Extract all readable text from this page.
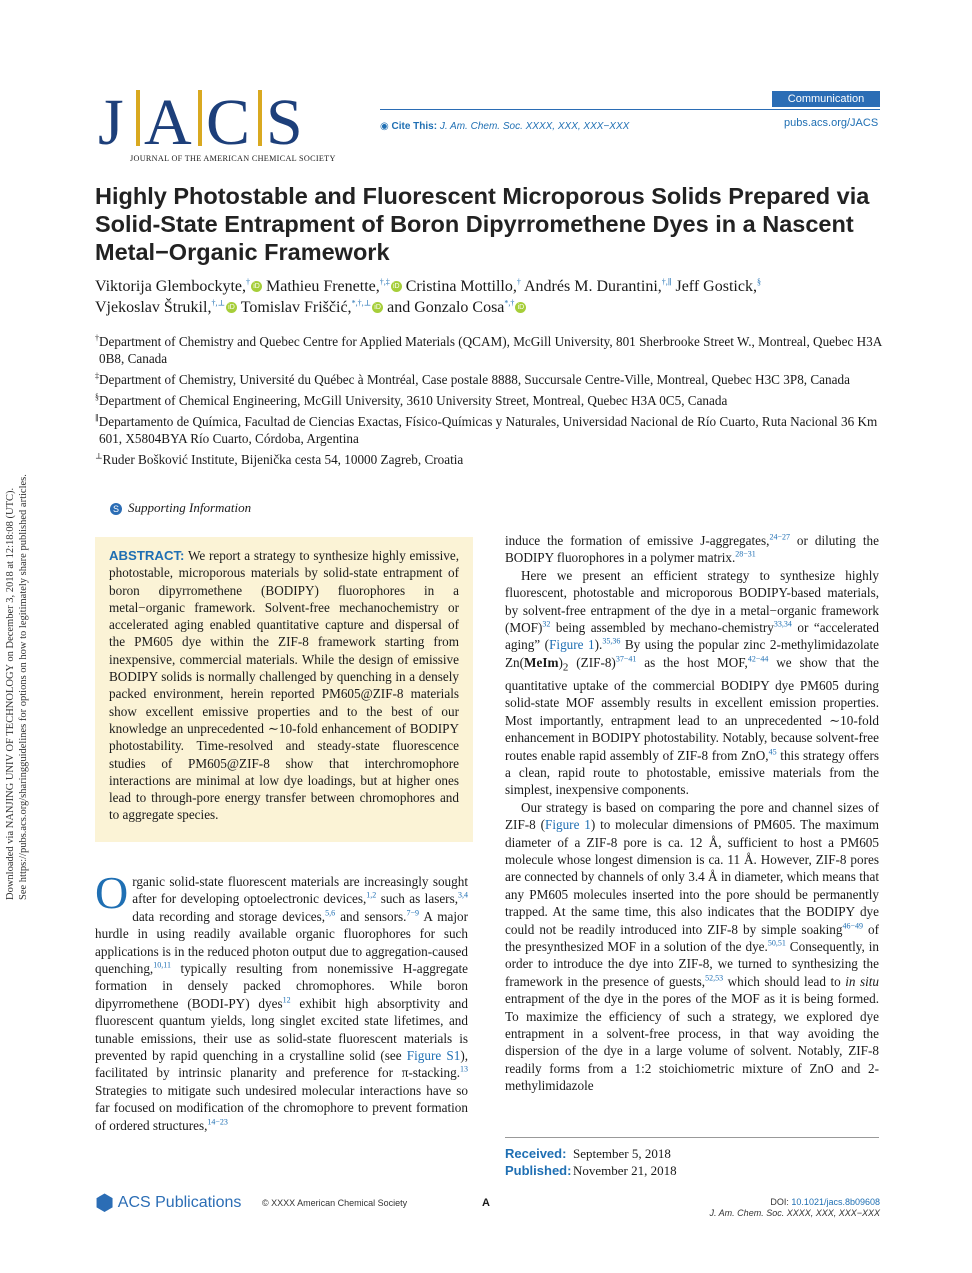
J A C S
JOURNAL OF THE AMERICAN CHEMICAL SOCIETY
Communication
◉ Cite This: J. Am. Chem. Soc. XXXX, XXX, XXX−XXX	pubs.acs.org/JACS
Highly Photostable and Fluorescent Microporous Solids Prepared via Solid-State Entrapment of Boron Dipyrromethene Dyes in a Nascent Metal−Organic Framework
Viktorija Glembockyte,† iD Mathieu Frenette,†,‡ iD Cristina Mottillo,† Andrés M. Durantini,†,∥ Jeff Gostick,§
Vjekoslav Štrukil,†,⊥ iD Tomislav Friščić,*,†,⊥ iD and Gonzalo Cosa*,† iD

†Department of Chemistry and Quebec Centre for Applied Materials (QCAM), McGill University, 801 Sherbrooke Street W., Montreal, Quebec H3A 0B8, Canada

‡Department of Chemistry, Université du Québec à Montréal, Case postale 8888, Succursale Centre-Ville, Montreal, Quebec H3C 3P8, Canada

§Department of Chemical Engineering, McGill University, 3610 University Street, Montreal, Quebec H3A 0C5, Canada

∥Departamento de Química, Facultad de Ciencias Exactas, Físico-Químicas y Naturales, Universidad Nacional de Río Cuarto, Ruta Nacional 36 Km 601, X5804BYA Río Cuarto, Córdoba, Argentina

⊥Ruder Bošković Institute, Bijenička cesta 54, 10000 Zagreb, Croatia

S Supporting Information
Downloaded via NANJING UNIV OF TECHNOLOGY on December 3, 2018 at 12:18:08 (UTC). See https://pubs.acs.org/sharingguidelines for options on how to legitimately share published articles.	ABSTRACT: We report a strategy to synthesize highly emissive, photostable, microporous materials by solid-state entrapment of boron dipyrromethene (BODIPY) fluorophores in a metal−organic framework. Solvent-free mechanochemistry or accelerated aging enabled quantitative capture and dispersal of the PM605 dye within the ZIF-8 framework starting from inexpensive, commercial materials. While the design of emissive BODIPY solids is normally challenged by quenching in a densely packed environment, herein reported PM605@ZIF-8 materials show excellent emissive properties and to the best of our knowledge an unprecedented ∼10-fold enhancement of BODIPY photostability. Time-resolved and steady-state fluorescence studies of PM605@ZIF-8 show that interchromophore interactions are minimal at low dye loadings, but at higher ones lead to through-pore energy transfer between chromophores and to aggregate species.

Organic solid-state fluorescent materials are increasingly sought after for developing optoelectronic devices,$^{1,2}$ such as lasers,$^{3,4}$ data recording and storage devices,$^{5,6}$ and sensors.$^{7-9}$ A major hurdle in using readily available organic fluorophores for such applications is in the reduced photon output due to aggregation-caused quenching,$^{10,11}$ typically resulting from nonemissive H-aggregate formation in densely packed chromophores. While boron dipyrromethene (BODI-PY) dyes$^{12}$ exhibit high absorptivity and fluorescent quantum yields, long singlet excited state lifetimes, and tunable emissions, their use as solid-state fluorescent materials is prevented by rapid quenching in a crystalline solid (see Figure S1), facilitated by intrinsic planarity and preference for π-stacking.$^{13}$ Strategies to mitigate such undesired molecular interactions have so far focused on modification of the chromophore to prevent formation of ordered structures,$^{14-23}$

induce the formation of emissive J-aggregates,$^{24-27}$ or diluting the BODIPY fluorophores in a polymer matrix.$^{28-31}$

Here we present an efficient strategy to synthesize highly fluorescent, photostable and microporous BODIPY-based materials, by solvent-free entrapment of the dye in a metal−organic framework (MOF)$^{32}$ being assembled by mechano-chemistry$^{33,34}$ or “accelerated aging” (Figure 1).$^{35,36}$ By using the popular zinc 2-methylimidazolate $Zn(MeIm)_2$ $(ZIF-8)^{37-41}$ as the host MOF,$^{42-44}$ we show that the quantitative uptake of the commercial BODIPY dye PM605 during solid-state MOF assembly results in excellent emission properties. Most importantly, entrapment lead to an unprecedented ∼10-fold enhancement in BODIPY photostability. Notably, because solvent-free routes enable rapid assembly of ZIF-8 from ZnO,$^{45}$ this strategy offers a clean, rapid route to photostable, emissive materials from the simplest, inexpensive components.

Our strategy is based on comparing the pore and channel sizes of ZIF-8 (Figure 1) to molecular dimensions of PM605. The maximum diameter of a ZIF-8 pore is ca. 12 Å, sufficient to host a PM605 molecule whose longest dimension is ca. 11 Å. However, ZIF-8 pores are connected by channels of only 3.4 Å in diameter, which means that any PM605 molecules inserted into the pore should be permanently trapped. At the same time, this also indicates that the BODIPY dye could not be readily introduced into ZIF-8 by simple soaking$^{46-49}$ of the presynthesized MOF in a solution of the dye.$^{50,51}$ Consequently, in order to introduce the dye into ZIF-8, we turned to synthesizing the framework in the presence of guests,$^{52,53}$ which should lead to in situ entrapment of the dye in the pores of the MOF as it is being formed. To maximize the efficiency of such a strategy, we explored dye entrapment in a solvent-free process, in that way avoiding the dispersion of the dye in a large volume of solvent. Notably, ZIF-8 readily forms from a 1:2 stoichiometric mixture of ZnO and 2-methylimidazole

Received: September 5, 2018
Published: November 21, 2018
⬢ ACS Publications © XXXX American Chemical Society	A	DOI: 10.1021/jacs.8b09608
J. Am. Chem. Soc. XXXX, XXX, XXX−XXX
